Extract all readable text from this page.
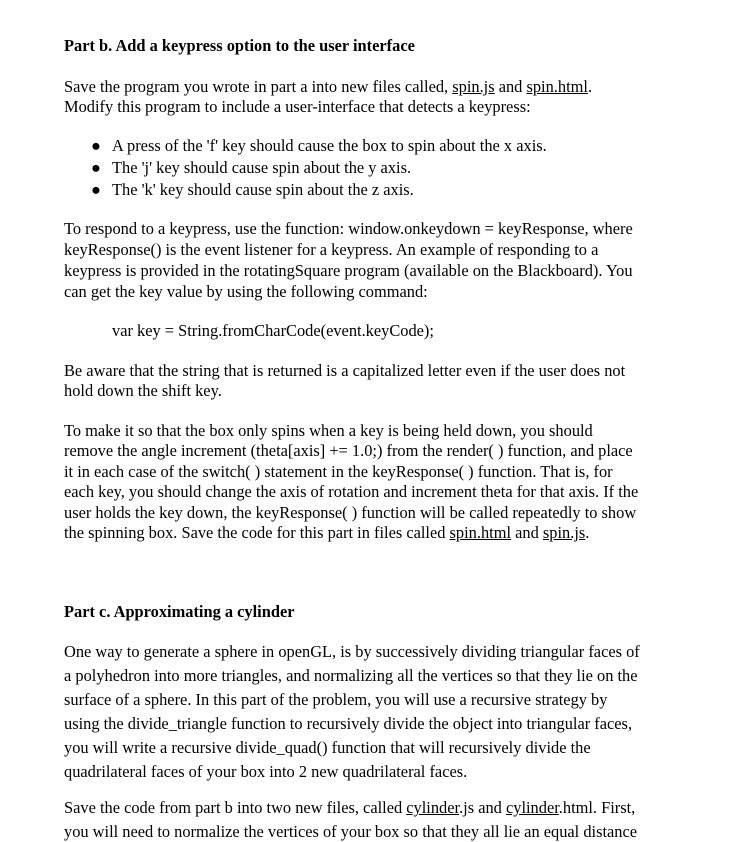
Part b. Add a keypress option to the user interface
Save the program you wrote in part a into new files called, spin.js and spin.html.
Modify this program to include a user-interface that detects a keypress:
● A press of the 'f' key should cause the box to spin about the x axis.
● The 'j' key should cause spin about the y axis.
● The 'k' key should cause spin about the z axis.
To respond to a keypress, use the function: window.onkeydown = keyResponse, where
keyResponse() is the event listener for a keypress. An example of responding to a
keypress is provided in the rotatingSquare program (available on the Blackboard). You
can get the key value by using the following command:
var key = String.fromCharCode(event.keyCode);
Be aware that the string that is returned is a capitalized letter even if the user does not
hold down the shift key.
To make it so that the box only spins when a key is being held down, you should
remove the angle increment (theta[axis] += 1.0;) from the render( ) function, and place
it in each case of the switch( ) statement in the keyResponse( ) function. That is, for
each key, you should change the axis of rotation and increment theta for that axis. If the
user holds the key down, the keyResponse( ) function will be called repeatedly to show
the spinning box. Save the code for this part in files called spin.html and spin.js.
Part c. Approximating a cylinder
One way to generate a sphere in openGL, is by successively dividing triangular faces of
a polyhedron into more triangles, and normalizing all the vertices so that they lie on the
surface of a sphere. In this part of the problem, you will use a recursive strategy by
using the divide_triangle function to recursively divide the object into triangular faces,
you will write a recursive divide_quad() function that will recursively divide the
quadrilateral faces of your box into 2 new quadrilateral faces.
Save the code from part b into two new files, called cylinder.js and cylinder.html. First,
you will need to normalize the vertices of your box so that they all lie an equal distance
